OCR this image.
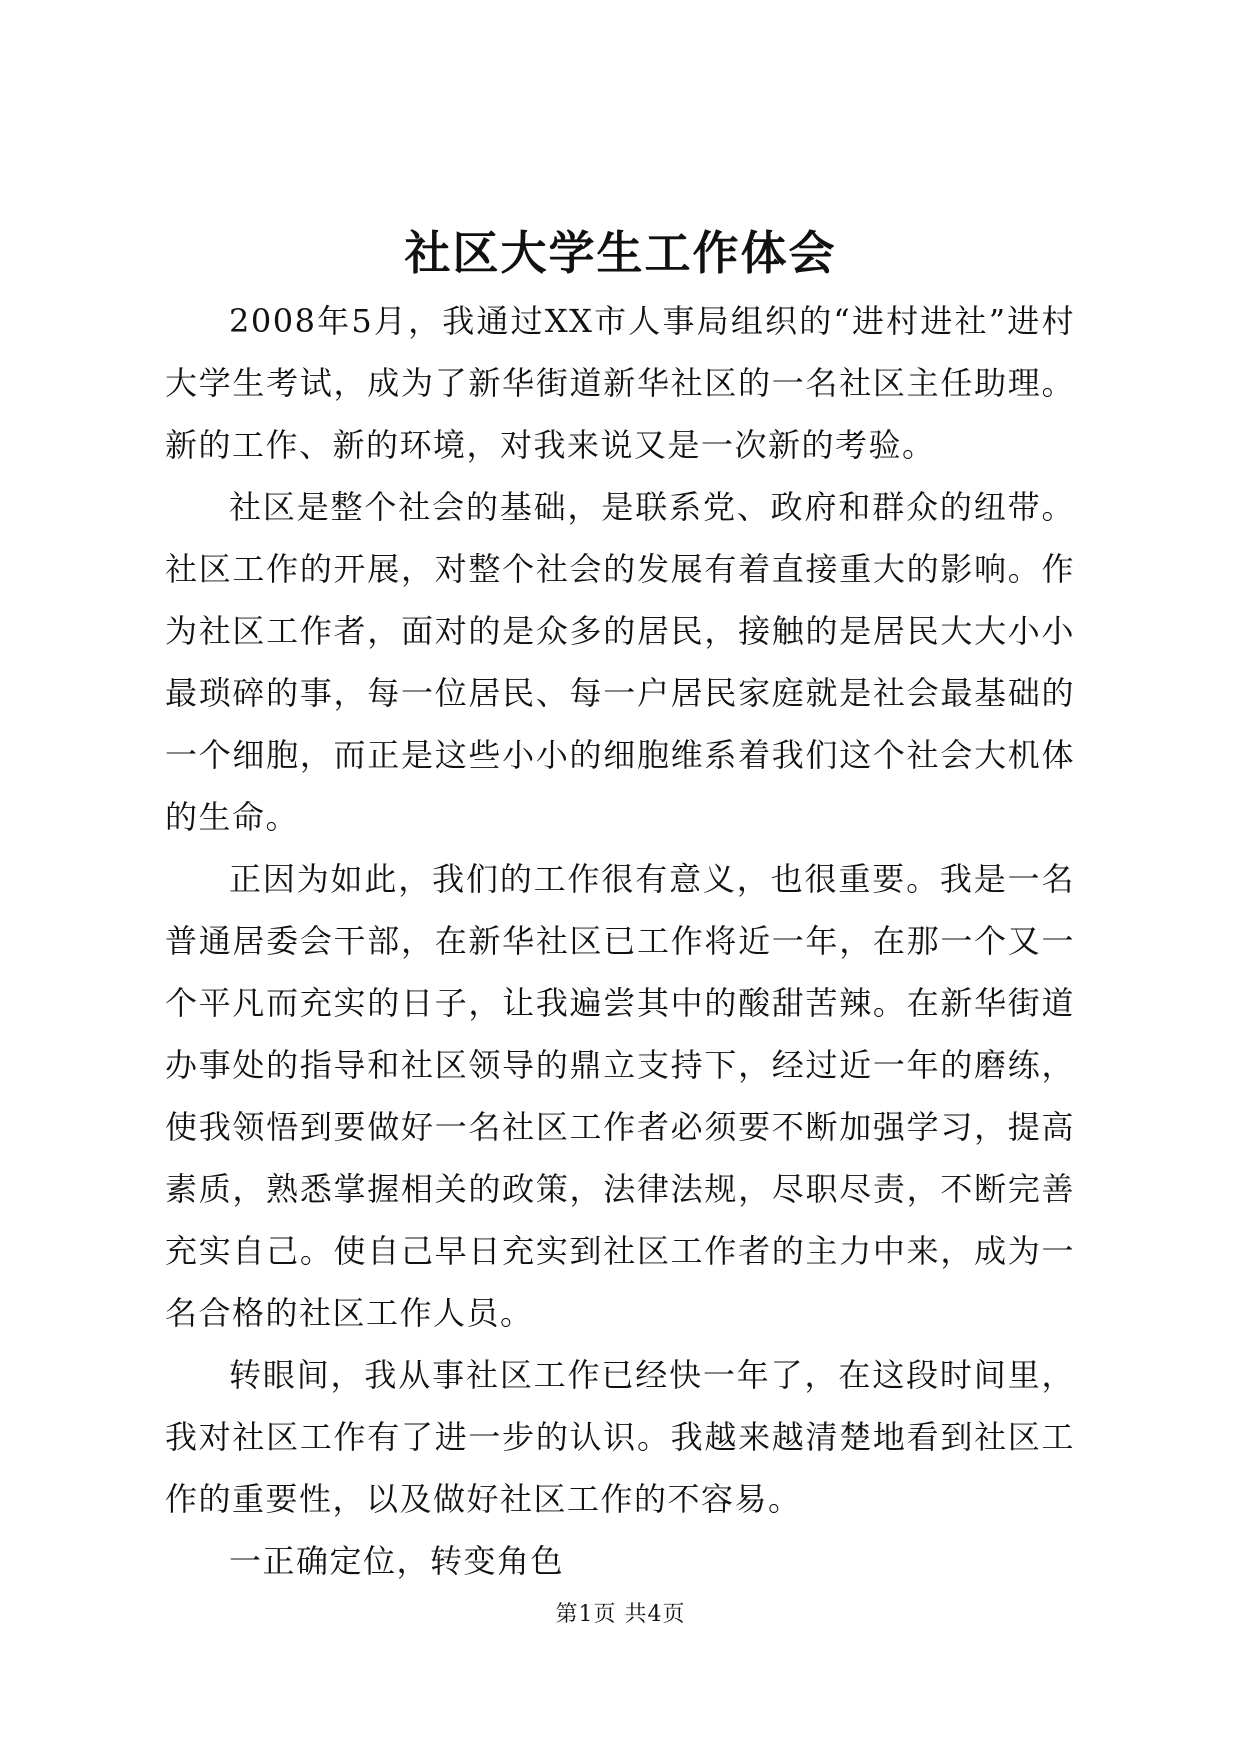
社区大学生工作体会

2008年5月，我通过XX市人事局组织的“进村进社”进村大学生考试，成为了新华街道新华社区的一名社区主任助理。新的工作、新的环境，对我来说又是一次新的考验。

社区是整个社会的基础，是联系党、政府和群众的纽带。社区工作的开展，对整个社会的发展有着直接重大的影响。作为社区工作者，面对的是众多的居民，接触的是居民大大小小最琐碎的事，每一位居民、每一户居民家庭就是社会最基础的一个细胞，而正是这些小小的细胞维系着我们这个社会大机体的生命。

正因为如此，我们的工作很有意义，也很重要。我是一名普通居委会干部，在新华社区已工作将近一年，在那一个又一个平凡而充实的日子，让我遍尝其中的酸甜苦辣。在新华街道办事处的指导和社区领导的鼎立支持下，经过近一年的磨练，使我领悟到要做好一名社区工作者必须要不断加强学习，提高素质，熟悉掌握相关的政策，法律法规，尽职尽责，不断完善充实自己。使自己早日充实到社区工作者的主力中来，成为一名合格的社区工作人员。

转眼间，我从事社区工作已经快一年了，在这段时间里，我对社区工作有了进一步的认识。我越来越清楚地看到社区工作的重要性，以及做好社区工作的不容易。

一正确定位，转变角色

第1页 共4页
